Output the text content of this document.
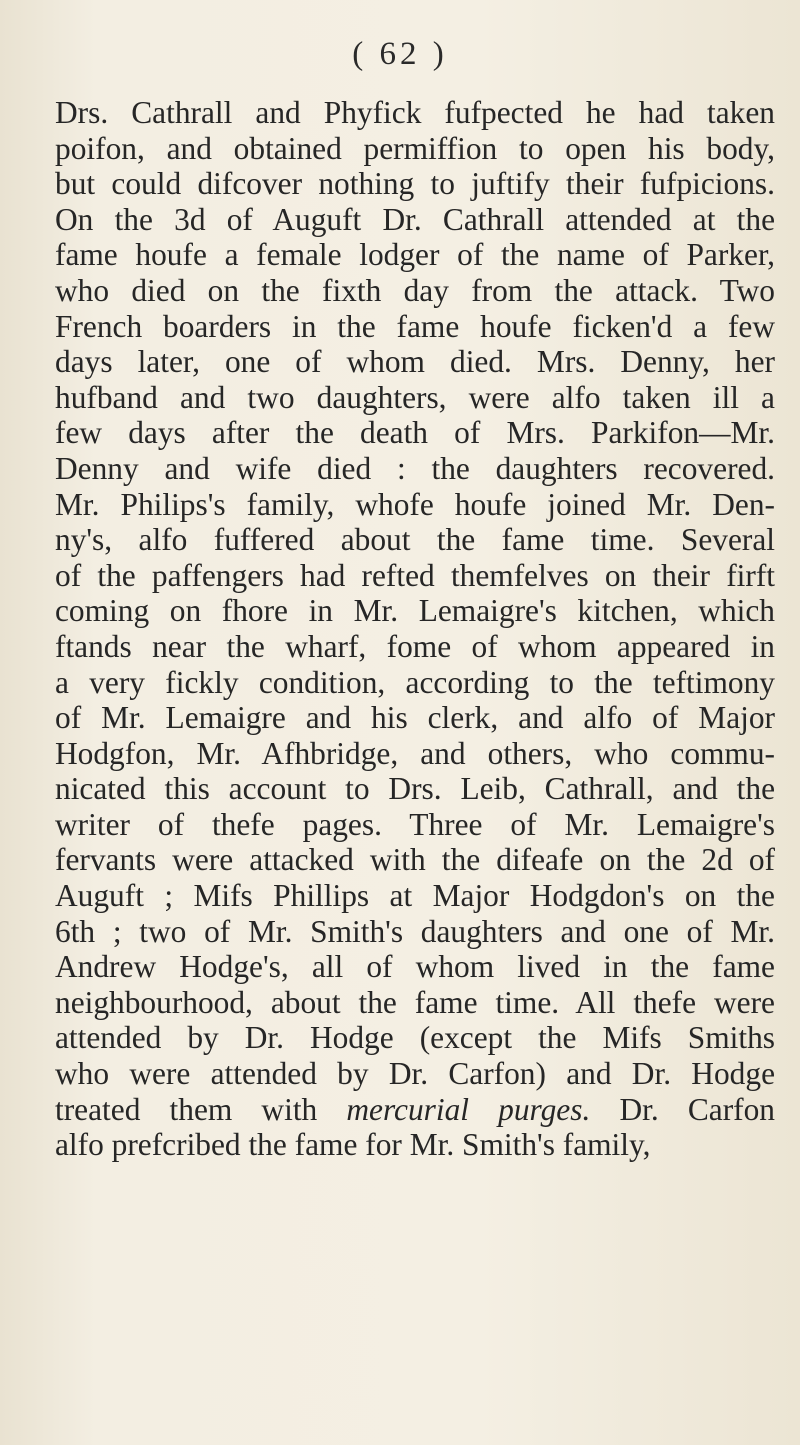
( 62 )
Drs. Cathrall and Phyfick fufpected he had taken
poifon, and obtained permiffion to open his body,
but could difcover nothing to juftify their fufpicions.
On the 3d of Auguft Dr. Cathrall attended at the
fame houfe a female lodger of the name of Parker,
who died on the fixth day from the attack. Two
French boarders in the fame houfe ficken'd a few
days later, one of whom died. Mrs. Denny, her
hufband and two daughters, were alfo taken ill a
few days after the death of Mrs. Parkifon—Mr.
Denny and wife died : the daughters recovered.
Mr. Philips's family, whofe houfe joined Mr. Den-
ny's, alfo fuffered about the fame time. Several
of the paffengers had refted themfelves on their firft
coming on fhore in Mr. Lemaigre's kitchen, which
ftands near the wharf, fome of whom appeared in
a very fickly condition, according to the teftimony
of Mr. Lemaigre and his clerk, and alfo of Major
Hodgfon, Mr. Afhbridge, and others, who commu-
nicated this account to Drs. Leib, Cathrall, and the
writer of thefe pages. Three of Mr. Lemaigre's
fervants were attacked with the difeafe on the 2d of
Auguft ; Mifs Phillips at Major Hodgdon's on the
6th ; two of Mr. Smith's daughters and one of Mr.
Andrew Hodge's, all of whom lived in the fame
neighbourhood, about the fame time. All thefe were
attended by Dr. Hodge (except the Mifs Smiths
who were attended by Dr. Carfon) and Dr. Hodge
treated them with mercurial purges. Dr. Carfon
alfo prefcribed the fame for Mr. Smith's family,
